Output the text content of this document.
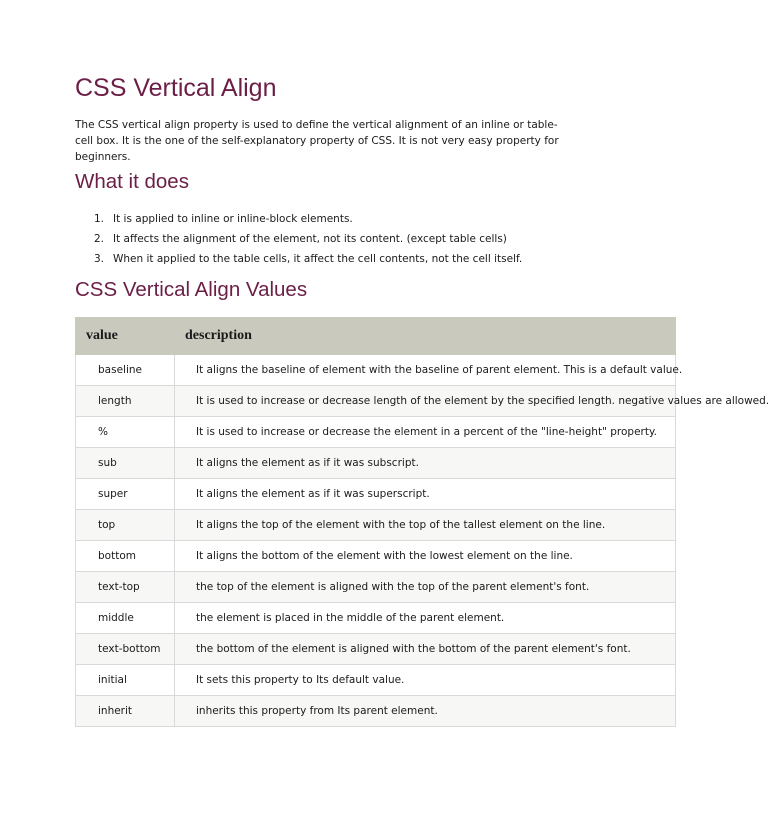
CSS Vertical Align

The CSS vertical align property is used to define the vertical alignment of an inline or table-cell box. It is the one of the self-explanatory property of CSS. It is not very easy property for beginners.

What it does
1. It is applied to inline or inline-block elements.
2. It affects the alignment of the element, not its content. (except table cells)
3. When it applied to the table cells, it affect the cell contents, not the cell itself.
CSS Vertical Align Values
value	description
baseline	It aligns the baseline of element with the baseline of parent element. This is a default value.
length	It is used to increase or decrease length of the element by the specified length. negative values are allowed.
%	It is used to increase or decrease the element in a percent of the "line-height" property.
sub	It aligns the element as if it was subscript.
super	It aligns the element as if it was superscript.
top	It aligns the top of the element with the top of the tallest element on the line.
bottom	It aligns the bottom of the element with the lowest element on the line.
text-top	the top of the element is aligned with the top of the parent element's font.
middle	the element is placed in the middle of the parent element.
text-bottom	the bottom of the element is aligned with the bottom of the parent element's font.
initial	It sets this property to Its default value.
inherit	inherits this property from Its parent element.
